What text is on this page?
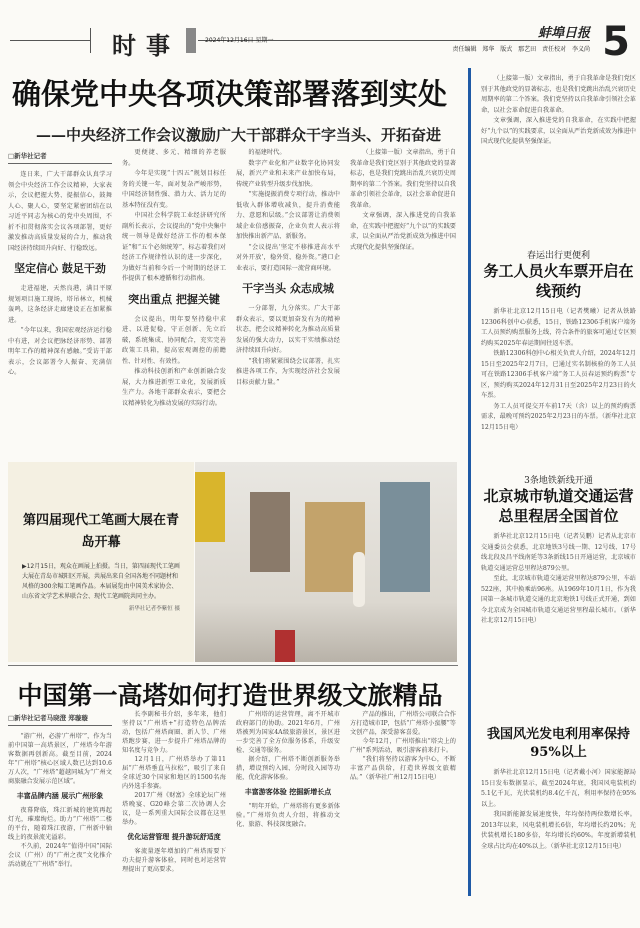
时事	2024年12月16日 星期一	蚌埠日报
责任编辑 郑华 版式 那艺田 责任校对 李义尚 5
确保党中央各项决策部署落到实处
——中央经济工作会议激励广大干部群众干字当头、开拓奋进
□新华社记者

连日来，广大干部群众认真学习领会中央经济工作会议精神，大家表示，会议把握大势、提振信心，鼓舞人心、聚人心，要坚定紧密团结在以习近平同志为核心的党中央周围，不折不扣贯彻落实会议各项部署，更好激发推动高质量发展的合力，推动我国经济持续回升向好、行稳致远。

坚定信心 鼓足干劲

走进福建，天然良港，满目平原规划项目施工现场，塔吊林立，机械轰鸣，这条经济走廊建设正在加紧推进。

“今年以来，我国宏观经济运行稳中有进，对会议把脉经济形势、部署明年工作的精神深有感触。”受访干部表示，会议部署令人振奋、充满信心。

更便捷、多元、精细的养老服务。

今年是实现“十四五”规划目标任务的关键一年，面对复杂严峻形势，中国经济韧性强、潜力大、活力足的基本特征没有变。

中国社会科学院工业经济研究所副所长表示，会议提出的“党中央集中统一领导是做好经济工作的根本保证”和“五个必须统筹”，标志着我们对经济工作规律性认识的进一步深化，为做好当前和今后一个时期的经济工作提供了根本遵循和行动指南。

突出重点 把握关键

会议提出，明年要坚持稳中求进、以进促稳，守正创新、先立后破，系统集成、协同配合，充实完善政策工具箱，提高宏观调控的前瞻性、针对性、有效性。

推动科技创新和产业创新融合发展，大力推进新型工业化，发展新质生产力。各地干部群众表示，要把会议精神转化为推动发展的实际行动。

的福建时代。

数字产业化和产业数字化协同发展，新兴产业和未来产业加快布局，传统产业转型升级步伐加快。

“实施提振消费专项行动，推动中低收入群体增收减负，提升消费能力、意愿和层级。”会议部署让消费领域企业倍感振奋，企业负责人表示将加快推出新产品、新服务。

“会议提出‘坚定不移推进高水平对外开放’，稳外贸、稳外资。”港口企业表示，要打造国际一流营商环境。

干字当头 众志成城

一分部署，九分落实。广大干部群众表示，要以更加奋发有为的精神状态，把会议精神转化为推动高质量发展的强大动力，以实干实绩推动经济持续回升向好。

“我们将紧紧围绕会议部署，扎实推进各项工作，为实现经济社会发展目标贡献力量。”

（上接第一版）文章指出，勇于自我革命是我们党区别于其他政党的显著标志，也是我们党跳出治乱兴衰历史周期率的第二个答案。我们党坚持以自我革命引领社会革命，以社会革命促进自我革命。

文章强调，深入推进党的自我革命，在实践中把握好“九个以”的实践要求，以全面从严治党新成效为推进中国式现代化提供坚强保证。

第四届现代工笔画大展在青岛开幕
▶12月15日，观众在画展上拍摄。当日，第四届现代工笔画大展在青岛市城阳区开展，共展出来自全国各地不同题材和风格的300余幅工笔画作品。本届展览由中国美术家协会、山东省文学艺术界联合会、现代工笔画院共同主办。
新华社记者李紫恒 摄
中国第一高塔如何打造世界级文旅精品
□新华社记者马晓澄 郑璇璇

“游广州，必游‘广州塔’”，作为当前中国第一高塔景区，广州塔今年游客数据再创新高。截至目前，2024年“广州塔”核心区域人数已达到10.6万人次，“广州塔”超越同城为“广州文商旅融合发展示范区域”。

丰富品牌内涵 展示广州形象

夜幕降临，珠江新城的建筑再起灯光，璀璨绚烂。助力“广州塔”二楼的平台，随着珠江夜游，广州新中轴线上的夜景流光溢彩。

不久前，2024年“值得中国”国际会议（广州）的“广州之夜”文化推介活动就在“广州塔”举行。

长李副秘书介绍，多年来，他们坚持以“广州塔+”打造特色品牌活动，包括广州塔商圈、新人节、广州塔跑步赛，进一步提升广州塔品牌的知名度与竞争力。

12月1日，广州塔举办了第11届“广州塔垂直马拉松”，吸引了来自全球近30个国家和地区的1500名海内外选手参赛。

2017广州《财富》全球论坛广州塔晚宴、G20峰会第二次协调人会议，是一系列重大国际会议都在这里举办。

优化运营管理 提升游玩舒适度

客流量逐年增加的广州塔需要下功夫提升游客体验，同时也对运营管理提出了更高要求。

广州塔的运营管理，离不开城市政府部门的协助。2021年6月，广州塔被列为国家4A级旅游景区，景区进一步完善了全方位服务体系，升级安检、交通等服务。

据介绍，广州塔不断创新服务举措，增设预约入园、分时段入园等功能，优化游客体验。

丰富游客体验 挖掘新增长点

“明年开始，广州塔将有更多新体验。”广州塔负责人介绍，将推动文化、旅游、科技深度融合。

产品的推出，广州塔公司联合合作方打造城市IP，包括“广州塔小蛮腰”等文创产品，深受游客喜爱。

今年12月，广州塔推出“塔尖上的广州”系列活动，吸引游客前来打卡。

“我们将坚持以游客为中心，不断丰富产品供给，打造世界级文旅精品。”（新华社广州12月15日电）

（上接第一版）文章指出，勇于自我革命是我们党区别于其他政党的显著标志，也是我们党跳出治乱兴衰历史周期率的第二个答案。我们党坚持以自我革命引领社会革命，以社会革命促进自我革命。

文章强调，深入推进党的自我革命，在实践中把握好“九个以”的实践要求，以全面从严治党新成效为推进中国式现代化提供坚强保证。

春运出行更便利
务工人员火车票开启在线预约

新华社北京12月15日电（记者樊曦）记者从铁路12306科创中心获悉，15日，铁路12306手机客户端务工人员预约购票服务上线，符合条件的旅客可通过专区预约购买2025年春运期间往返车票。

铁路12306科创中心相关负责人介绍，2024年12月15日至2025年2月7日，已通过实名制核验的务工人员可在铁路12306手机客户端“务工人员春运预约购票”专区，预约购买2024年12月31日至2025年2月23日的火车票。

务工人员可提交开车前17天（含）以上的预约购票需求，最晚可预约2025年2月23日的车票。（新华社北京12月15日电）

3条地铁新线开通
北京城市轨道交通运营总里程居全国首位

新华社北京12月15日电（记者吴鹏）记者从北京市交通委员会获悉，北京地铁3号线一期、12号线、17号线北段及昌平线南延等3条新线15日开通运营，北京城市轨道交通运营总里程达879公里。

至此，北京城市轨道交通运营里程达879公里，车站522座，其中换乘站96座。从1969年10月1日，作为我国第一条城市轨道交通的北京地铁1号线正式开通，到如今北京成为全国城市轨道交通运营里程最长城市。（新华社北京12月15日电）

我国风光发电利用率保持95%以上

新华社北京12月15日电（记者戴小河）国家能源局15日发布数据显示，截至2024年底，我国风电装机约5.1亿千瓦，光伏装机约8.4亿千瓦，利用率保持在95%以上。

我国新能源发展速度快，年均保持两位数增长率。2013年以来，风电装机增长6倍，年均增长约20%；光伏装机增长180多倍，年均增长约60%。年度新增装机全球占比均在40%以上。（新华社北京12月15日电）
